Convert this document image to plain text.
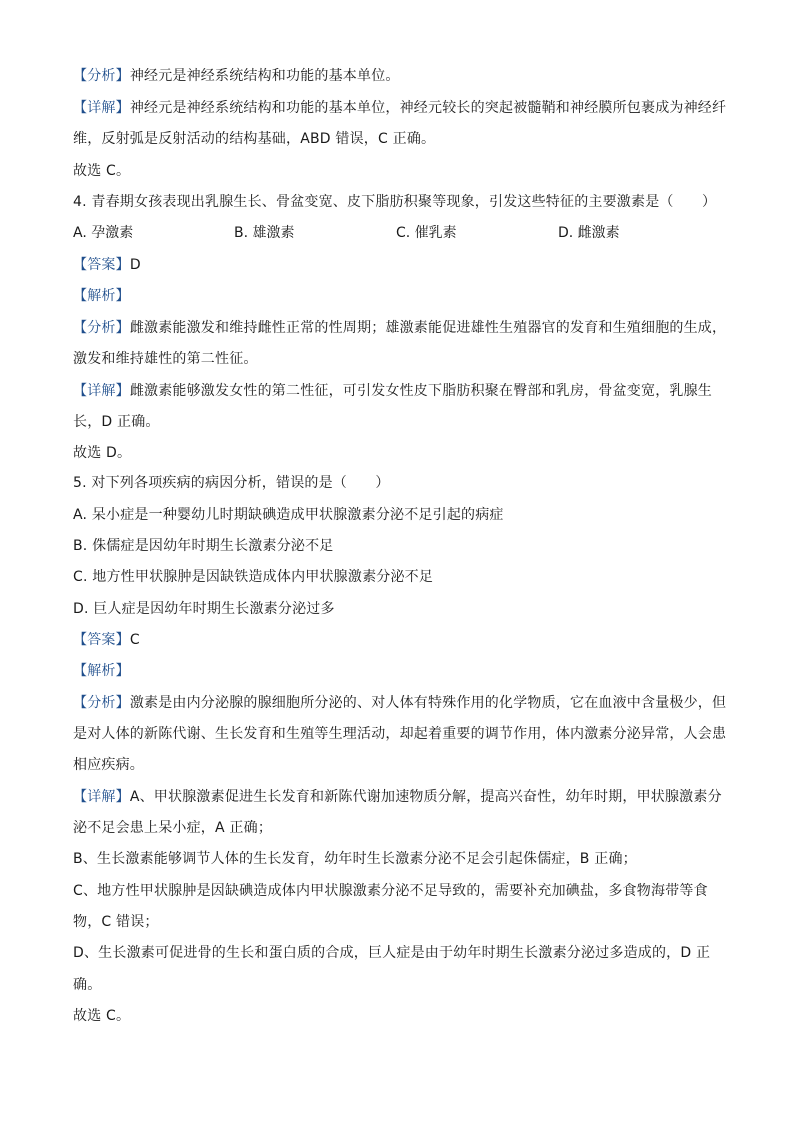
【分析】神经元是神经系统结构和功能的基本单位。
【详解】神经元是神经系统结构和功能的基本单位，神经元较长的突起被髓鞘和神经膜所包裹成为神经纤
维，反射弧是反射活动的结构基础，ABD 错误，C 正确。
故选 C。
4. 青春期女孩表现出乳腺生长、骨盆变宽、皮下脂肪积聚等现象，引发这些特征的主要激素是（　　）
A. 孕激素	B. 雄激素	C. 催乳素	D. 雌激素
【答案】D
【解析】
【分析】雌激素能激发和维持雌性正常的性周期；雄激素能促进雄性生殖器官的发育和生殖细胞的生成，
激发和维持雄性的第二性征。
【详解】雌激素能够激发女性的第二性征，可引发女性皮下脂肪积聚在臀部和乳房，骨盆变宽，乳腺生
长，D 正确。
故选 D。
5. 对下列各项疾病的病因分析，错误的是（　　）
A. 呆小症是一种婴幼儿时期缺碘造成甲状腺激素分泌不足引起的病症
B. 侏儒症是因幼年时期生长激素分泌不足
C. 地方性甲状腺肿是因缺铁造成体内甲状腺激素分泌不足
D. 巨人症是因幼年时期生长激素分泌过多
【答案】C
【解析】
【分析】激素是由内分泌腺的腺细胞所分泌的、对人体有特殊作用的化学物质，它在血液中含量极少，但
是对人体的新陈代谢、生长发育和生殖等生理活动，却起着重要的调节作用，体内激素分泌异常，人会患
相应疾病。
【详解】A、甲状腺激素促进生长发育和新陈代谢加速物质分解，提高兴奋性，幼年时期，甲状腺激素分
泌不足会患上呆小症，A 正确；
B、生长激素能够调节人体的生长发育，幼年时生长激素分泌不足会引起侏儒症，B 正确；
C、地方性甲状腺肿是因缺碘造成体内甲状腺激素分泌不足导致的，需要补充加碘盐，多食物海带等食
物，C 错误；
D、生长激素可促进骨的生长和蛋白质的合成，巨人症是由于幼年时期生长激素分泌过多造成的，D 正
确。
故选 C。
